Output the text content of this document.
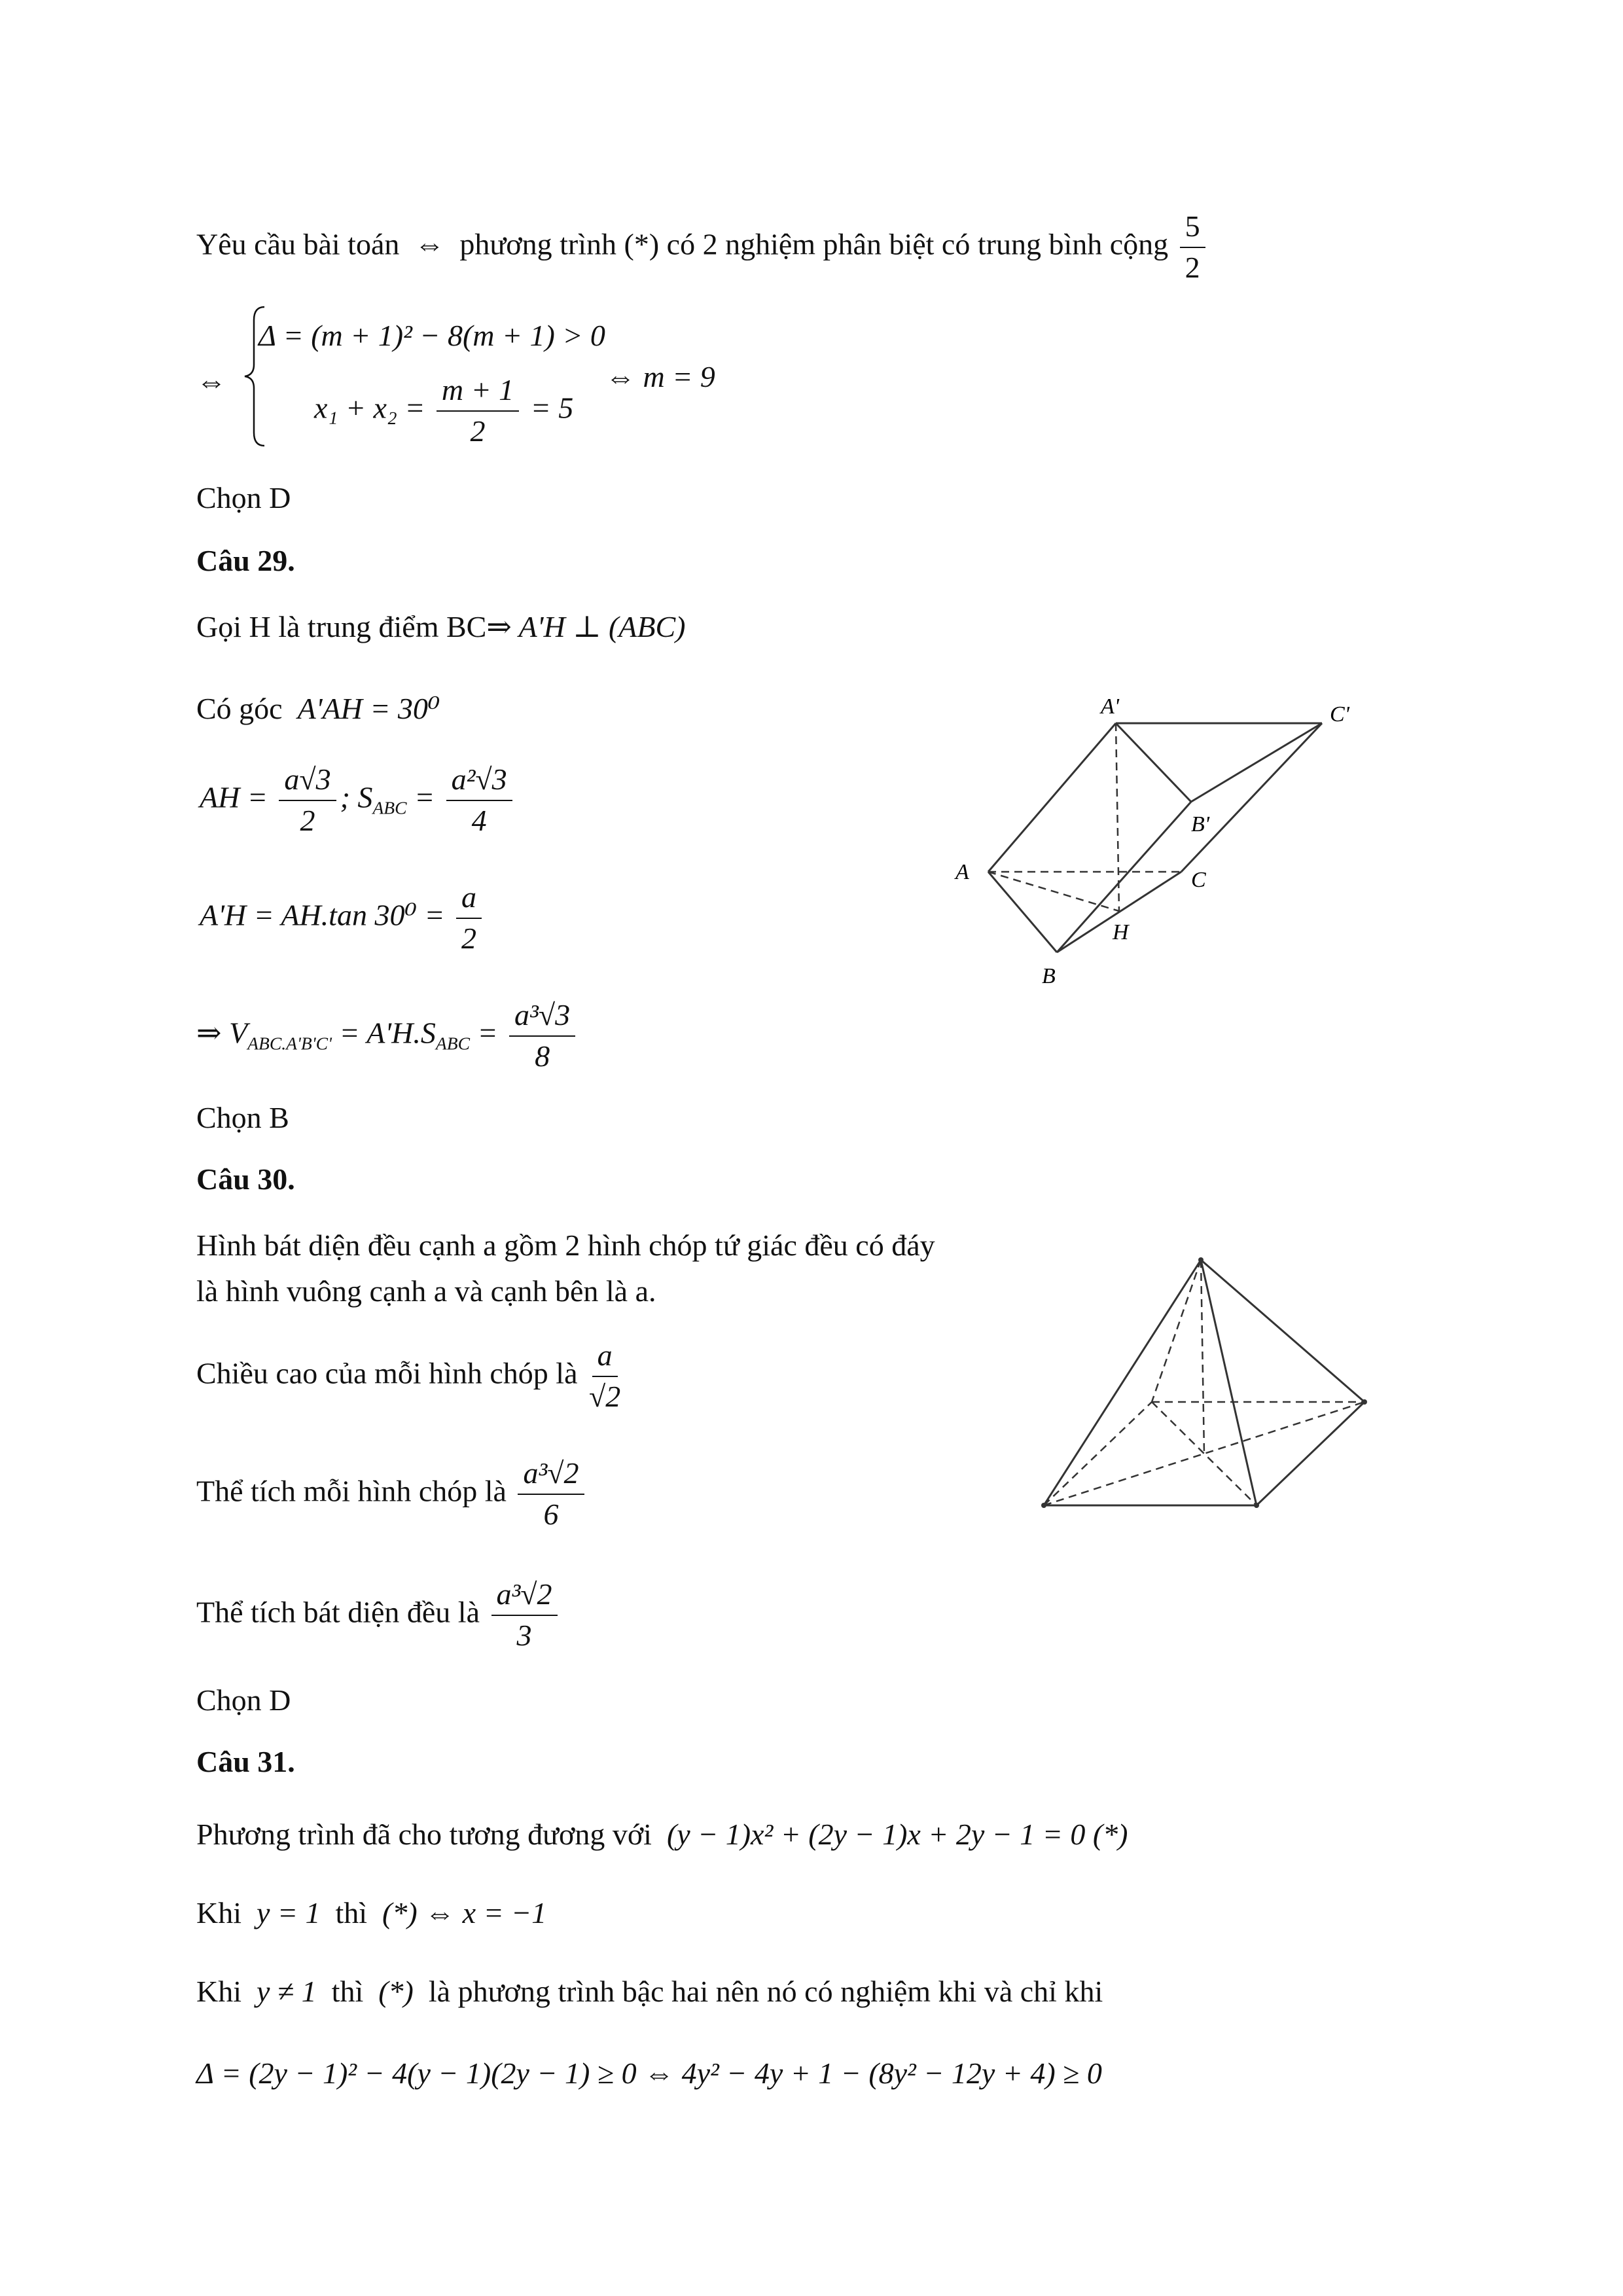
Yêu cầu bài toán  ⇔  phương trình (*) có 2 nghiệm phân biệt có trung bình cộng $\frac{5}{2}$
⇔
Δ = (m + 1)² − 8(m + 1) > 0
$x_1 + x_2 = \frac{m + 1}{2} = 5$
⇔ m = 9
Chọn D
Câu 29.
Gọi H là trung điểm BC⇒ A'H ⊥ (ABC)
Có góc A'AH = 30⁰
AH = $\frac{a√3}{2}$ ; $S_{ABC} = \frac{\text{a²√3}}{4}$
A'H = AH.tan $30^0 = \frac{a}{2}$
⇒ $V_{ABC.A'B'C'} = A'H.S_{ABC} = \frac{\text{a³√3}}{8}$
Chọn B
Câu 30.
Hình bát diện đều cạnh a gồm 2 hình chóp tứ giác đều có đáy
là hình vuông cạnh a và cạnh bên là a.
Chiều cao của mỗi hình chóp là $\frac{a}{√2}$
Thể tích mỗi hình chóp là $\frac{\text{a³√2}}{6}$
Thể tích bát diện đều là $\frac{\text{a³√2}}{3}$
Chọn D
Câu 31.
Phương trình đã cho tương đương với (y − 1)x² + (2y − 1)x + 2y − 1 = 0 (*)
Khi y = 1 thì (*) ⇔ x = −1
Khi y ≠ 1 thì (*) là phương trình bậc hai nên nó có nghiệm khi và chỉ khi
Δ = (2y − 1)² − 4(y − 1)(2y − 1) ≥ 0 ⇔ 4y² − 4y + 1 − (8y² − 12y + 4) ≥ 0
A'	C'
B'
A	C
H
B
